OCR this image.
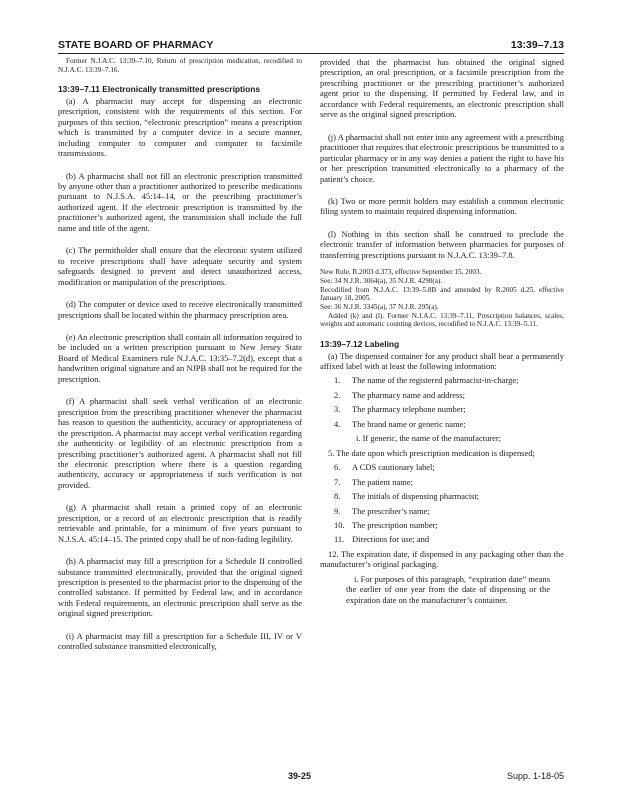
STATE BOARD OF PHARMACY	13:39–7.13

Former N.J.A.C. 13:39–7.10, Return of prescription medication, recodified to N.J.A.C. 13:39–7.16.

13:39–7.11 Electronically transmitted prescriptions

(a) A pharmacist may accept for dispensing an electronic prescription, consistent with the requirements of this section. For purposes of this section, “electronic prescription” means a prescription which is transmitted by a computer device in a secure manner, including computer to computer and computer to facsimile transmissions.

(b) A pharmacist shall not fill an electronic prescription transmitted by anyone other than a practitioner authorized to prescribe medications pursuant to N.J.S.A. 45:14–14, or the prescribing practitioner’s authorized agent. If the electronic prescription is transmitted by the practitioner’s authorized agent, the transmission shall include the full name and title of the agent.

(c) The permitholder shall ensure that the electronic system utilized to receive prescriptions shall have adequate security and system safeguards designed to prevent and detect unauthorized access, modification or manipulation of the prescriptions.

(d) The computer or device used to receive electronically transmitted prescriptions shall be located within the pharmacy prescription area.

(e) An electronic prescription shall contain all information required to be included on a written prescription pursuant to New Jersey State Board of Medical Examiners rule N.J.A.C. 13:35–7.2(d), except that a handwritten original signature and an NJPB shall not be required for the prescription.

(f) A pharmacist shall seek verbal verification of an electronic prescription from the prescribing practitioner whenever the pharmacist has reason to question the authenticity, accuracy or appropriateness of the prescription. A pharmacist may accept verbal verification regarding the authenticity or legibility of an electronic prescription from a prescribing practitioner’s authorized agent. A pharmacist shall not fill the electronic prescription where there is a question regarding authenticity, accuracy or appropriateness if such verification is not provided.

(g) A pharmacist shall retain a printed copy of an electronic prescription, or a record of an electronic prescription that is readily retrievable and printable, for a minimum of five years pursuant to N.J.S.A. 45:14–15. The printed copy shall be of non-fading legibility.

(h) A pharmacist may fill a prescription for a Schedule II controlled substance transmitted electronically, provided that the original signed prescription is presented to the pharmacist prior to the dispensing of the controlled substance. If permitted by Federal law, and in accordance with Federal requirements, an electronic prescription shall serve as the original signed prescription.

(i) A pharmacist may fill a prescription for a Schedule III, IV or V controlled substance transmitted electronically,

provided that the pharmacist has obtained the original signed prescription, an oral prescription, or a facsimile prescription from the prescribing practitioner or the prescribing practitioner’s authorized agent prior to the dispensing. If permitted by Federal law, and in accordance with Federal requirements, an electronic prescription shall serve as the original signed prescription.

(j) A pharmacist shall not enter into any agreement with a prescribing practitioner that requires that electronic prescriptions be transmitted to a particular pharmacy or in any way denies a patient the right to have his or her prescription transmitted electronically to a pharmacy of the patient’s choice.

(k) Two or more permit holders may establish a common electronic filing system to maintain required dispensing information.

(l) Nothing in this section shall be construed to preclude the electronic transfer of information between pharmacies for purposes of transferring prescriptions pursuant to N.J.A.C. 13:39–7.8.

New Rule, R.2003 d.373, effective September 15, 2003.

See: 34 N.J.R. 3064(a), 35 N.J.R. 4290(a).

Recodified from N.J.A.C. 13:39–5.8B and amended by R.2005 d.25, effective January 18, 2005.

See: 36 N.J.R. 3345(a), 37 N.J.R. 295(a).

Added (k) and (l). Former N.J.A.C. 13:39–7.11, Prescription balances, scales, weights and automatic counting devices, recodified to N.J.A.C. 13:39–5.11.

13:39–7.12 Labeling

(a) The dispensed container for any product shall bear a permanently affixed label with at least the following information:

1. The name of the registered pahrmacist-in-charge;
2. The pharmacy name and address;
3. The pharmacy telephone number;
4. The brand name or generic name;
i. If generic, the name of the manufacturer;

5. The date upon which prescription medication is dispensed;

6. A CDS cautionary label;
7. The patient name;
8. The initials of dispensing pharmacist;
9. The prescriber’s name;
10. The prescription number;
11. Directions for use; and

12. The expiration date, if dispensed in any packaging other than the manufacturer’s original packaging.

i. For purposes of this paragraph, “expiration date” means the earlier of one year from the date of dispensing or the expiration date on the manufacturer’s container.

39-25	Supp. 1-18-05
